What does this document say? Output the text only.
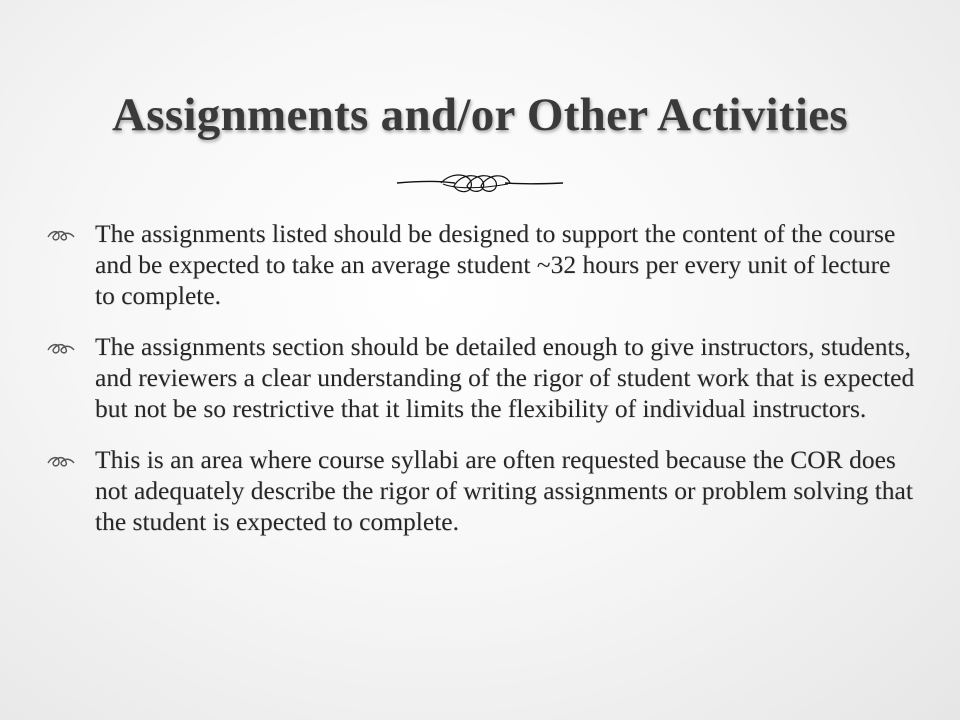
Assignments and/or Other Activities
The assignments listed should be designed to support the content of the course and be expected to take an average student ~32 hours per every unit of lecture to complete.
The assignments section should be detailed enough to give instructors, students, and reviewers a clear understanding of the rigor of student work that is expected but not be so restrictive that it limits the flexibility of individual instructors.
This is an area where course syllabi are often requested because the COR does not adequately describe the rigor of writing assignments or problem solving that the student is expected to complete.
